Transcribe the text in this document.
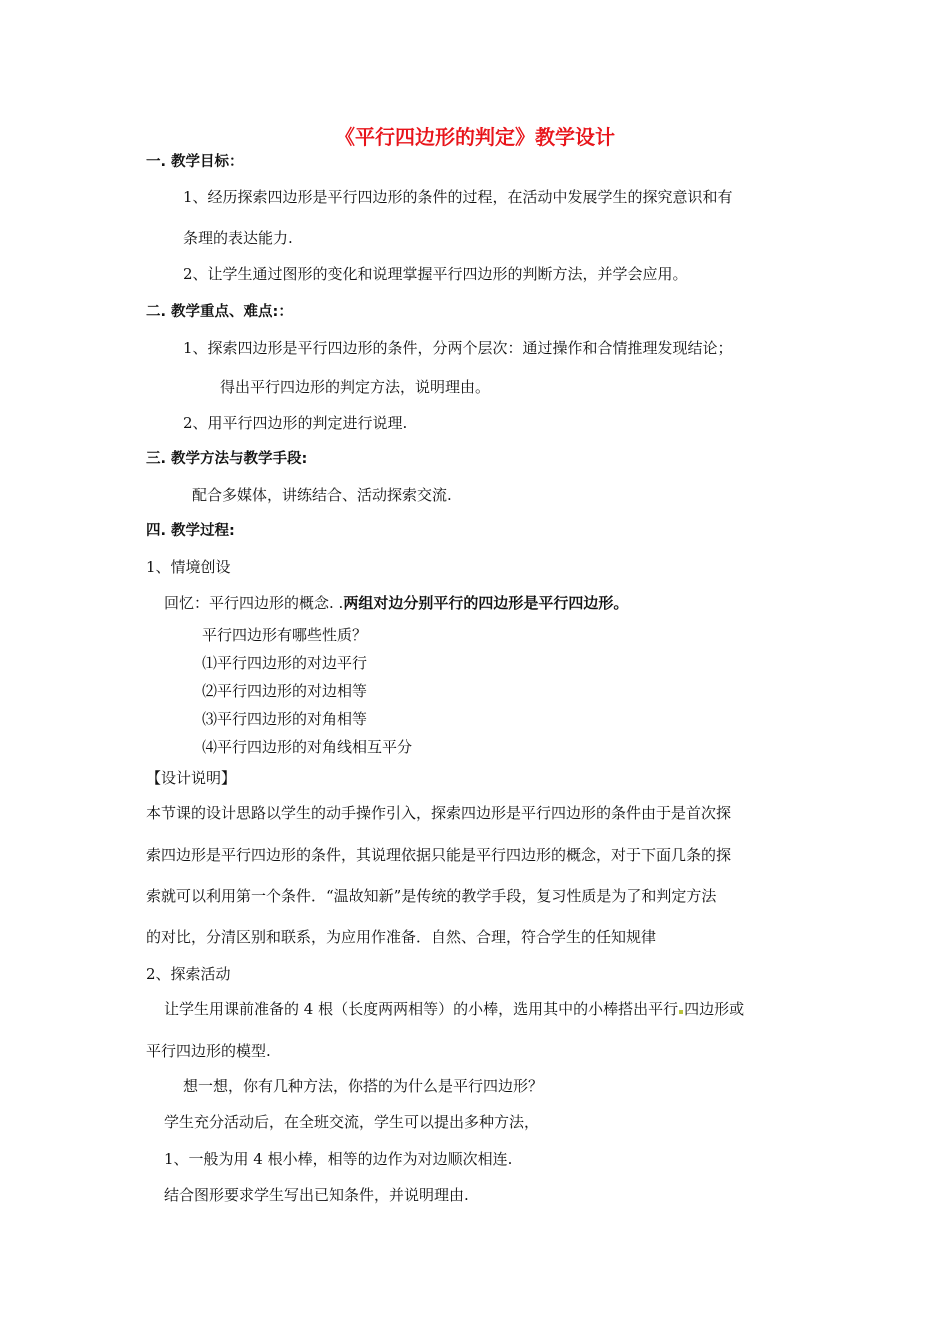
《平行四边形的判定》教学设计
一. 教学目标：
1、经历探索四边形是平行四边形的条件的过程，在活动中发展学生的探究意识和有
条理的表达能力.
2、让学生通过图形的变化和说理掌握平行四边形的判断方法，并学会应用。
二. 教学重点、难点:：
1、探索四边形是平行四边形的条件，分两个层次：通过操作和合情推理发现结论；
得出平行四边形的判定方法，说明理由。
2、用平行四边形的判定进行说理.
三. 教学方法与教学手段:
配合多媒体，讲练结合、活动探索交流.
四. 教学过程:
1、情境创设
回忆：平行四边形的概念. .两组对边分别平行的四边形是平行四边形。
平行四边形有哪些性质？
⑴平行四边形的对边平行
⑵平行四边形的对边相等
⑶平行四边形的对角相等
⑷平行四边形的对角线相互平分
【设计说明】
本节课的设计思路以学生的动手操作引入，探索四边形是平行四边形的条件由于是首次探
索四边形是平行四边形的条件，其说理依据只能是平行四边形的概念，对于下面几条的探
索就可以利用第一个条件．“温故知新”是传统的教学手段，复习性质是为了和判定方法
的对比，分清区别和联系，为应用作准备．自然、合理，符合学生的任知规律
2、探索活动
让学生用课前准备的 4 根（长度两两相等）的小棒，选用其中的小棒搭出平行 四边形或
平行四边形的模型.
想一想，你有几种方法，你搭的为什么是平行四边形？
学生充分活动后，在全班交流，学生可以提出多种方法，
1、一般为用 4 根小棒，相等的边作为对边顺次相连.
结合图形要求学生写出已知条件，并说明理由.
